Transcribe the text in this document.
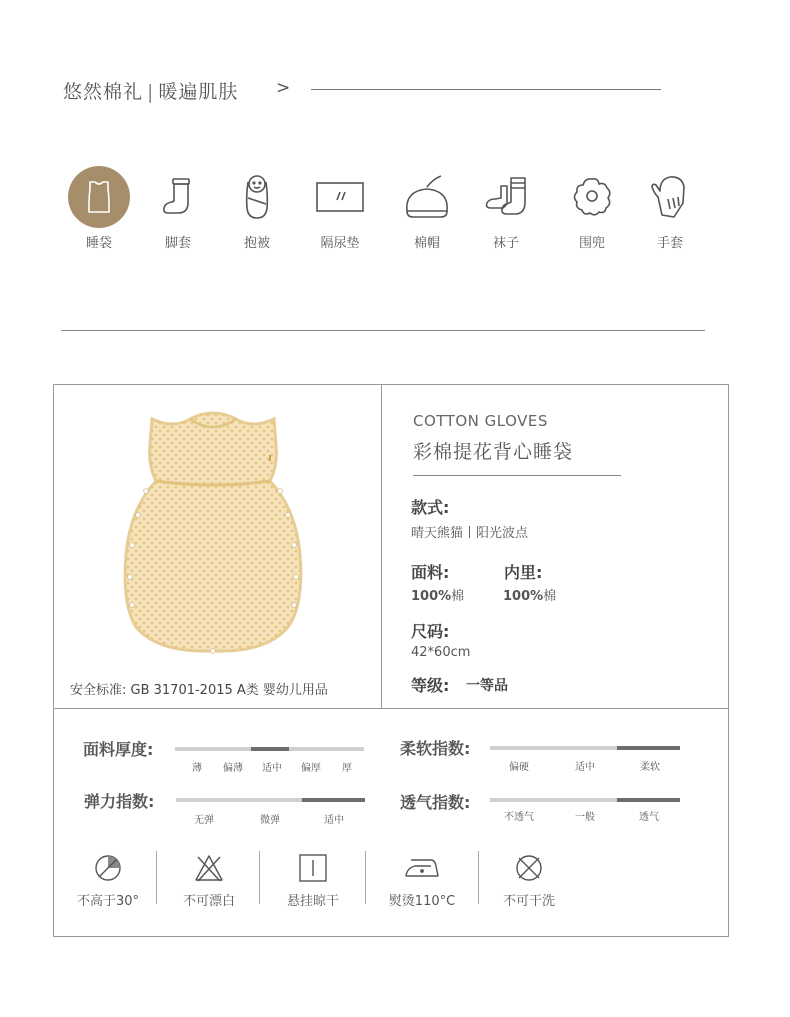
悠然棉礼 | 暖遍肌肤 >
睡袋	脚套	抱被	隔尿垫	棉帽	袜子	围兜	手套
安全标准: GB 31701-2015 A类 婴幼儿用品
COTTON GLOVES
彩棉提花背心睡袋
款式:
晴天熊猫丨阳光波点
面料:
100%棉
内里:
100%棉
尺码:
42*60cm
等级: 一等品
面料厚度:
薄 偏薄 适中 偏厚 厚
柔软指数:
偏硬	适中	柔软
弹力指数:
无弹	微弹	适中
透气指数:
不透气	一般	透气
不高于30°	不可漂白	悬挂晾干	熨烫110°C	不可干洗
